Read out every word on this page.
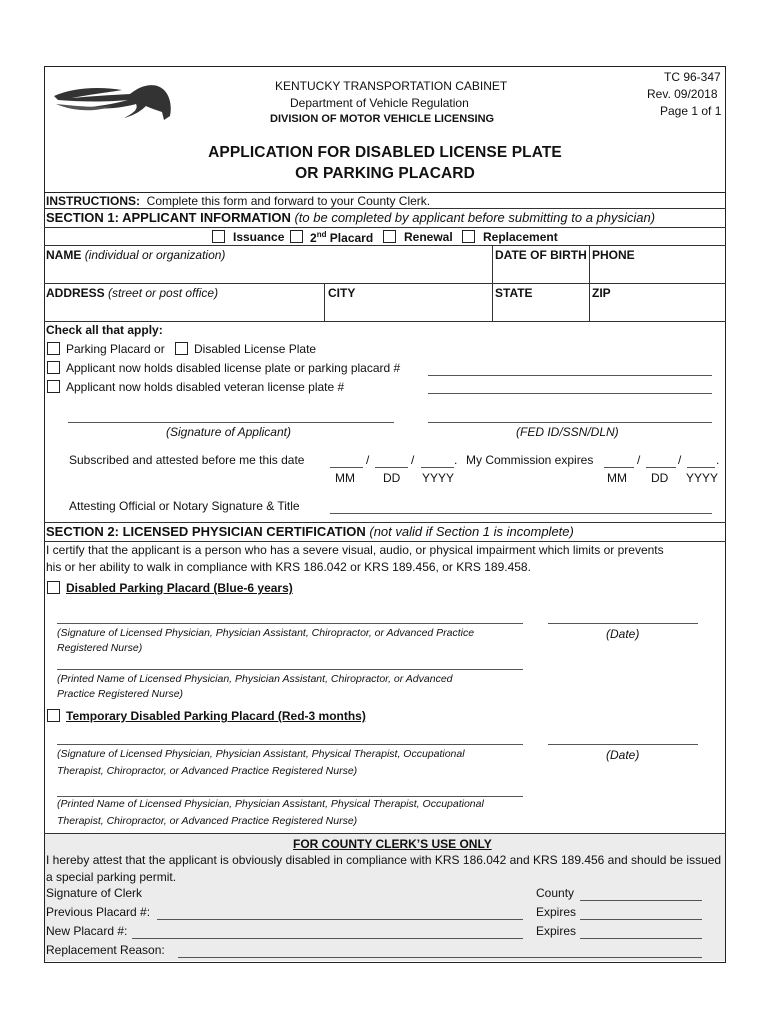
KENTUCKY TRANSPORTATION CABINET
Department of Vehicle Regulation
DIVISION OF MOTOR VEHICLE LICENSING
TC 96-347
Rev. 09/2018
Page 1 of 1
APPLICATION FOR DISABLED LICENSE PLATE
OR PARKING PLACARD
INSTRUCTIONS: Complete this form and forward to your County Clerk.
SECTION 1: APPLICANT INFORMATION (to be completed by applicant before submitting to a physician)
Issuance 2nd Placard	Renewal	Replacement
NAME (individual or organization)	DATE OF BIRTH PHONE
ADDRESS (street or post office)	CITY	STATE	ZIP
Check all that apply:
Parking Placard or Disabled License Plate
Applicant now holds disabled license plate or parking placard #
Applicant now holds disabled veteran license plate #
(Signature of Applicant)	(FED ID/SSN/DLN)
Subscribed and attested before me this date	/	/	.
MM DD YYYY
My Commission expires	/	/	.
MM DD YYYY
Attesting Official or Notary Signature & Title
SECTION 2: LICENSED PHYSICIAN CERTIFICATION (not valid if Section 1 is incomplete)
I certify that the applicant is a person who has a severe visual, audio, or physical impairment which limits or prevents
his or her ability to walk in compliance with KRS 186.042 or KRS 189.456, or KRS 189.458.
Disabled Parking Placard (Blue-6 years)
(Signature of Licensed Physician, Physician Assistant, Chiropractor, or Advanced Practice
Registered Nurse)
(Date)
(Printed Name of Licensed Physician, Physician Assistant, Chiropractor, or Advanced
Practice Registered Nurse)
Temporary Disabled Parking Placard (Red-3 months)
(Signature of Licensed Physician, Physician Assistant, Physical Therapist, Occupational
Therapist, Chiropractor, or Advanced Practice Registered Nurse)
(Date)
(Printed Name of Licensed Physician, Physician Assistant, Physical Therapist, Occupational
Therapist, Chiropractor, or Advanced Practice Registered Nurse)
FOR COUNTY CLERK’S USE ONLY
I hereby attest that the applicant is obviously disabled in compliance with KRS 186.042 and KRS 189.456 and should be issued
a special parking permit.
Signature of Clerk	County
Previous Placard #:	Expires
New Placard #:	Expires
Replacement Reason:
